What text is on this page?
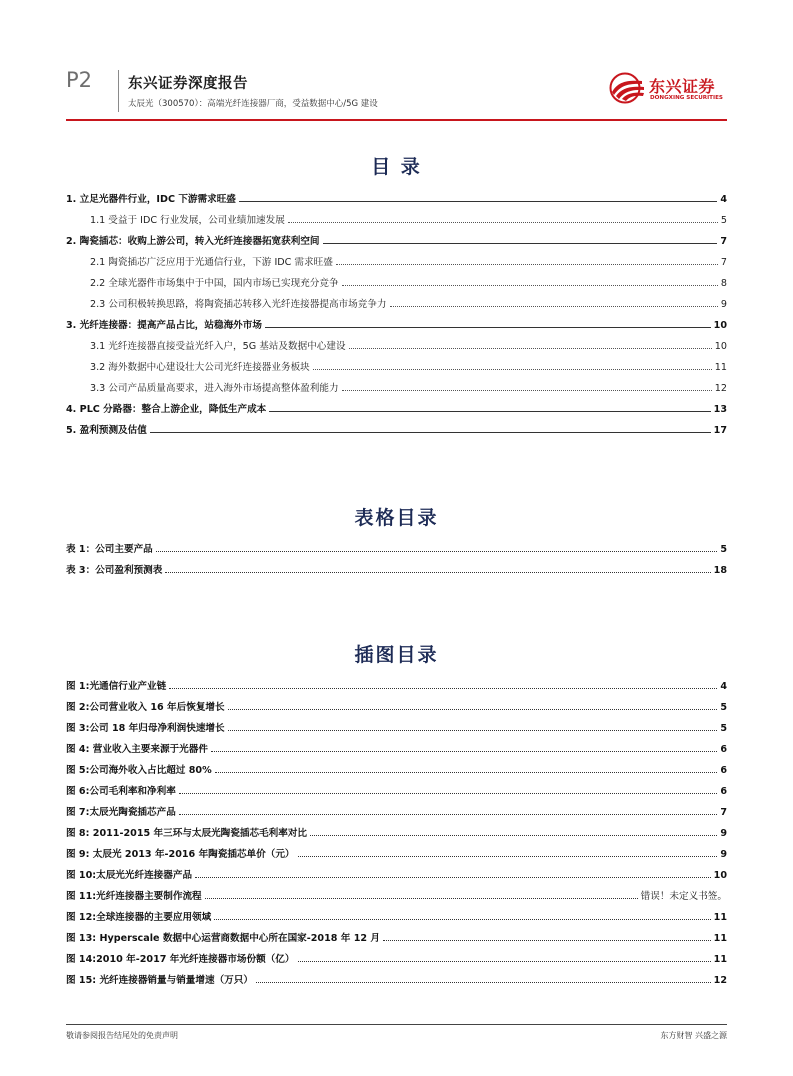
P2 东兴证券深度报告
太辰光（300570）：高端光纤连接器厂商，受益数据中心/5G 建设
东兴证券
DONGXING SECURITIES
目 录
1. 立足光器件行业，IDC 下游需求旺盛	4
1.1 受益于 IDC 行业发展，公司业绩加速发展	5
2. 陶瓷插芯：收购上游公司，转入光纤连接器拓宽获利空间	7
2.1 陶瓷插芯广泛应用于光通信行业，下游 IDC 需求旺盛	7
2.2 全球光器件市场集中于中国，国内市场已实现充分竞争	8
2.3 公司积极转换思路，将陶瓷插芯转移入光纤连接器提高市场竞争力	9
3. 光纤连接器：提高产品占比，站稳海外市场	10
3.1 光纤连接器直接受益光纤入户，5G 基站及数据中心建设	10
3.2 海外数据中心建设壮大公司光纤连接器业务板块	11
3.3 公司产品质量高要求，进入海外市场提高整体盈利能力	12
4. PLC 分路器：整合上游企业，降低生产成本	13
5. 盈利预测及估值	17
表格目录
表 1：公司主要产品	5
表 3：公司盈利预测表	18
插图目录
图 1:光通信行业产业链	4
图 2:公司营业收入 16 年后恢复增长	5
图 3:公司 18 年归母净利润快速增长	5
图 4: 营业收入主要来源于光器件	6
图 5:公司海外收入占比超过 80%	6
图 6:公司毛利率和净利率	6
图 7:太辰光陶瓷插芯产品	7
图 8: 2011-2015 年三环与太辰光陶瓷插芯毛利率对比	9
图 9: 太辰光 2013 年-2016 年陶瓷插芯单价（元）	9
图 10:太辰光光纤连接器产品	10
图 11:光纤连接器主要制作流程	错误！未定义书签。
图 12:全球连接器的主要应用领域	11
图 13: Hyperscale 数据中心运营商数据中心所在国家-2018 年 12 月	11
图 14:2010 年-2017 年光纤连接器市场份额（亿）	11
图 15: 光纤连接器销量与销量增速（万只）	12
敬请参阅报告结尾处的免责声明	东方财智 兴盛之源
